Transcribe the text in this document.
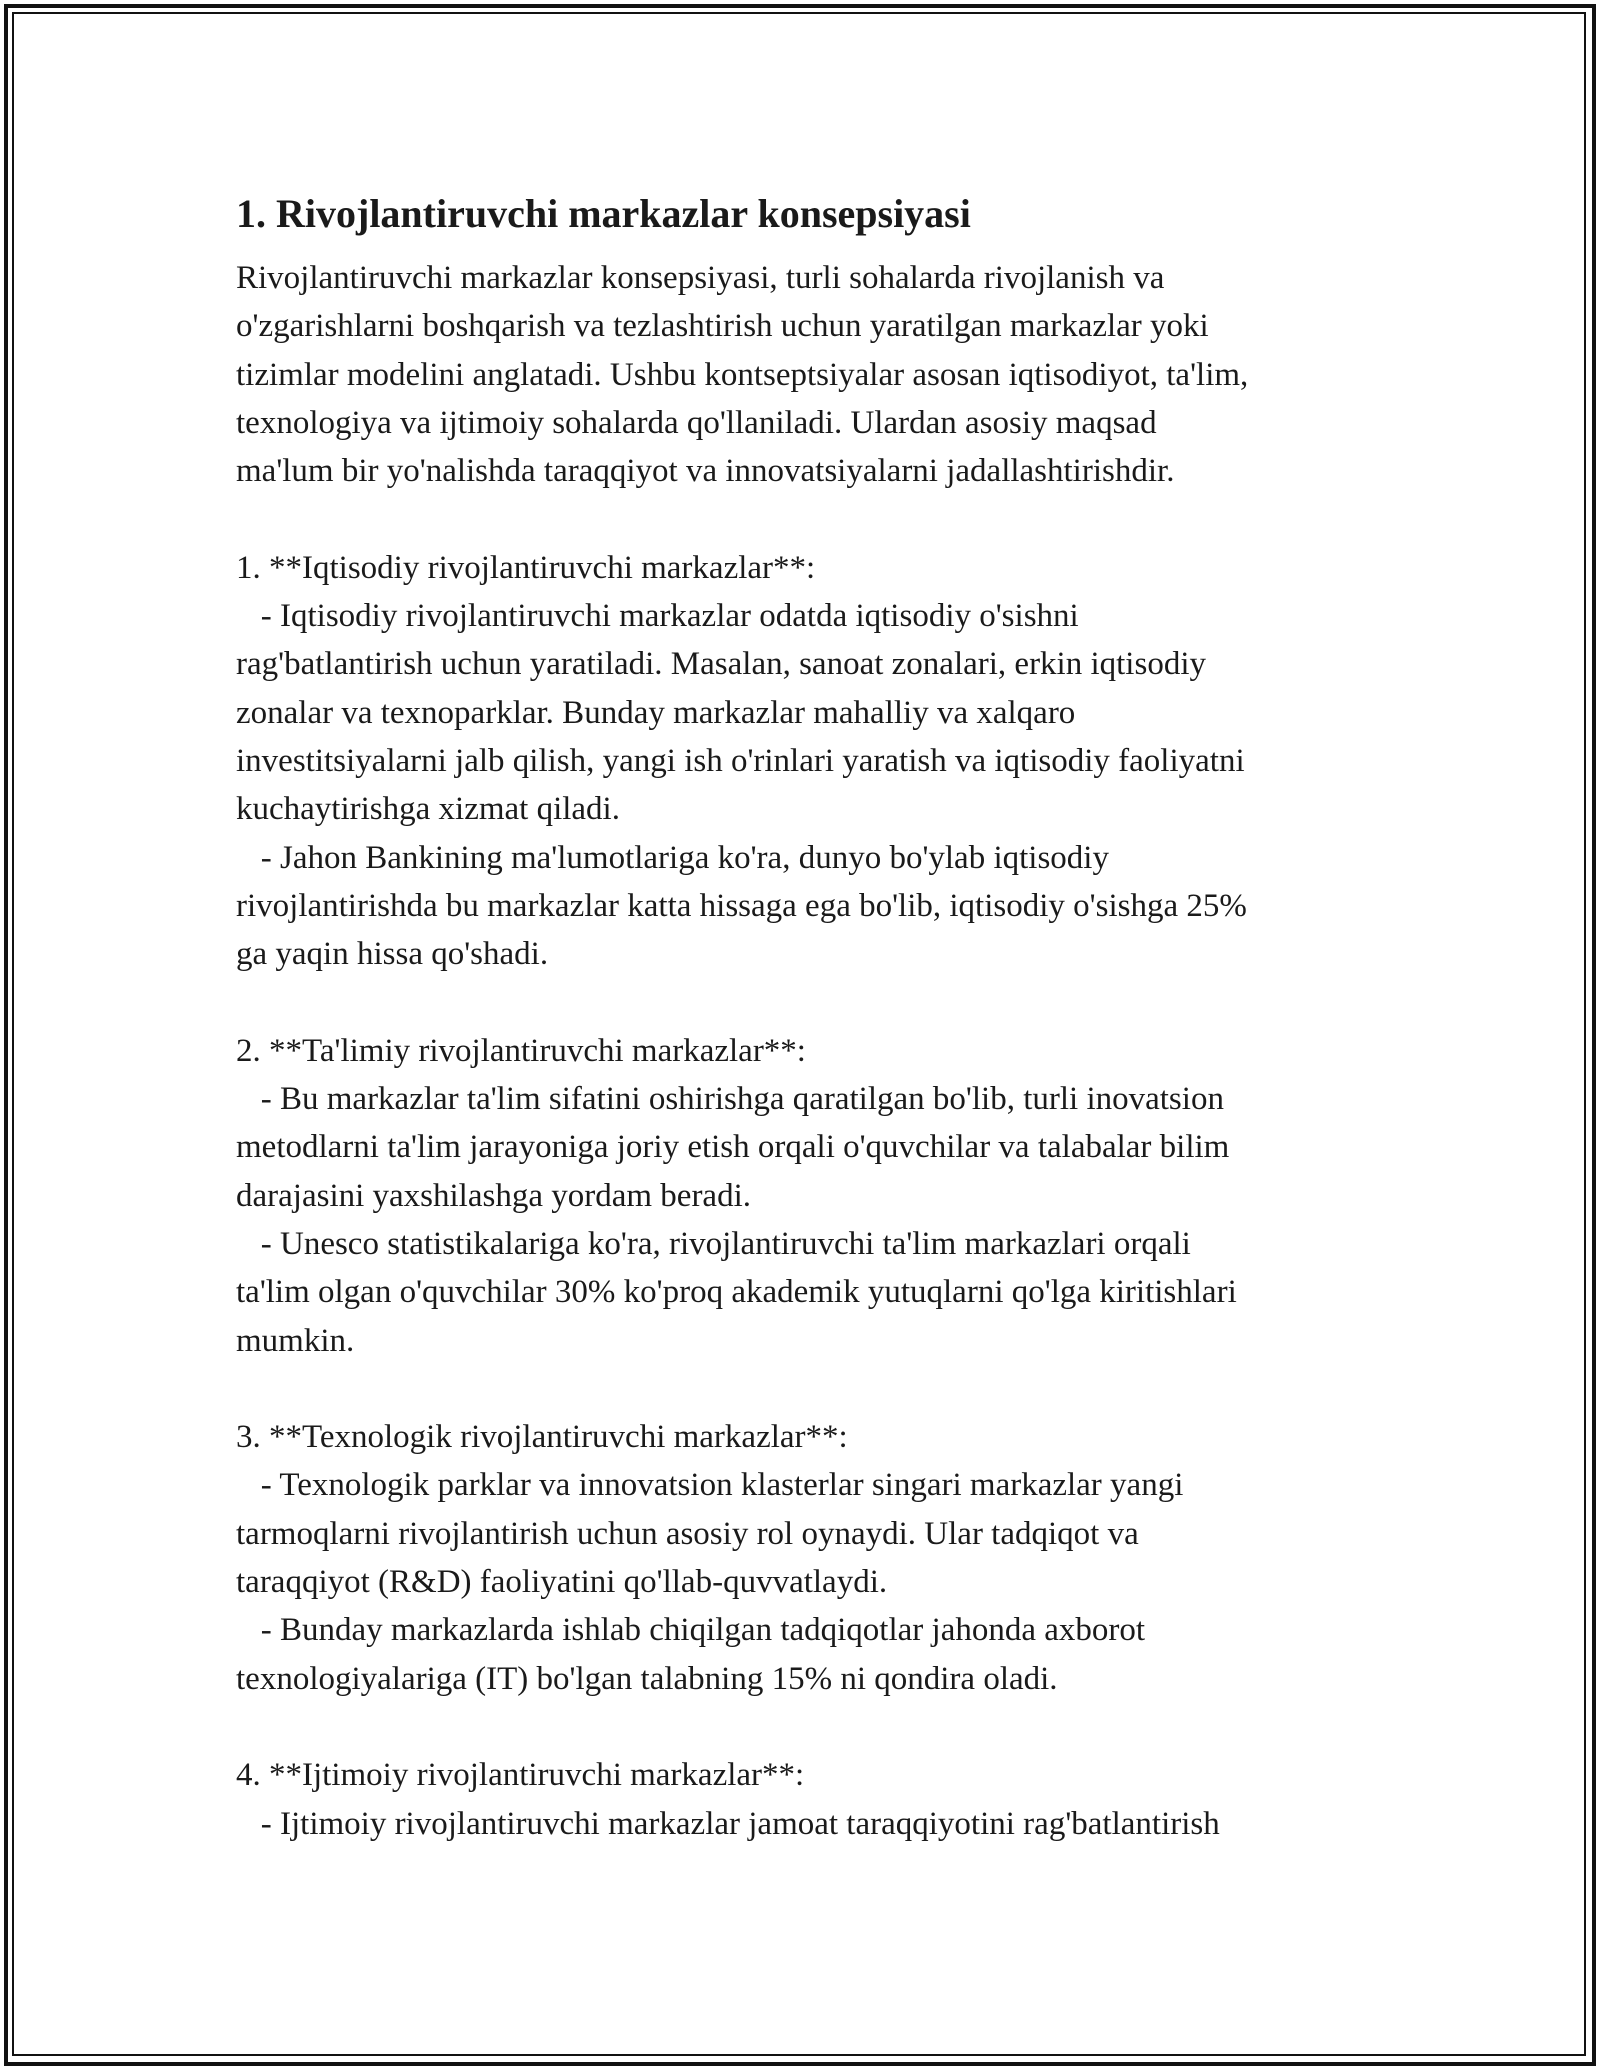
1. Rivojlantiruvchi markazlar konsepsiyasi

Rivojlantiruvchi markazlar konsepsiyasi, turli sohalarda rivojlanish va

o'zgarishlarni boshqarish va tezlashtirish uchun yaratilgan markazlar yoki

tizimlar modelini anglatadi. Ushbu kontseptsiyalar asosan iqtisodiyot, ta'lim,

texnologiya va ijtimoiy sohalarda qo'llaniladi. Ulardan asosiy maqsad

ma'lum bir yo'nalishda taraqqiyot va innovatsiyalarni jadallashtirishdir.

1. **Iqtisodiy rivojlantiruvchi markazlar**:

- Iqtisodiy rivojlantiruvchi markazlar odatda iqtisodiy o'sishni

rag'batlantirish uchun yaratiladi. Masalan, sanoat zonalari, erkin iqtisodiy

zonalar va texnoparklar. Bunday markazlar mahalliy va xalqaro

investitsiyalarni jalb qilish, yangi ish o'rinlari yaratish va iqtisodiy faoliyatni

kuchaytirishga xizmat qiladi.

- Jahon Bankining ma'lumotlariga ko'ra, dunyo bo'ylab iqtisodiy

rivojlantirishda bu markazlar katta hissaga ega bo'lib, iqtisodiy o'sishga 25%

ga yaqin hissa qo'shadi.

2. **Ta'limiy rivojlantiruvchi markazlar**:

- Bu markazlar ta'lim sifatini oshirishga qaratilgan bo'lib, turli inovatsion

metodlarni ta'lim jarayoniga joriy etish orqali o'quvchilar va talabalar bilim

darajasini yaxshilashga yordam beradi.

- Unesco statistikalariga ko'ra, rivojlantiruvchi ta'lim markazlari orqali

ta'lim olgan o'quvchilar 30% ko'proq akademik yutuqlarni qo'lga kiritishlari

mumkin.

3. **Texnologik rivojlantiruvchi markazlar**:

- Texnologik parklar va innovatsion klasterlar singari markazlar yangi

tarmoqlarni rivojlantirish uchun asosiy rol oynaydi. Ular tadqiqot va

taraqqiyot (R&D) faoliyatini qo'llab-quvvatlaydi.

- Bunday markazlarda ishlab chiqilgan tadqiqotlar jahonda axborot

texnologiyalariga (IT) bo'lgan talabning 15% ni qondira oladi.

4. **Ijtimoiy rivojlantiruvchi markazlar**:

- Ijtimoiy rivojlantiruvchi markazlar jamoat taraqqiyotini rag'batlantirish
